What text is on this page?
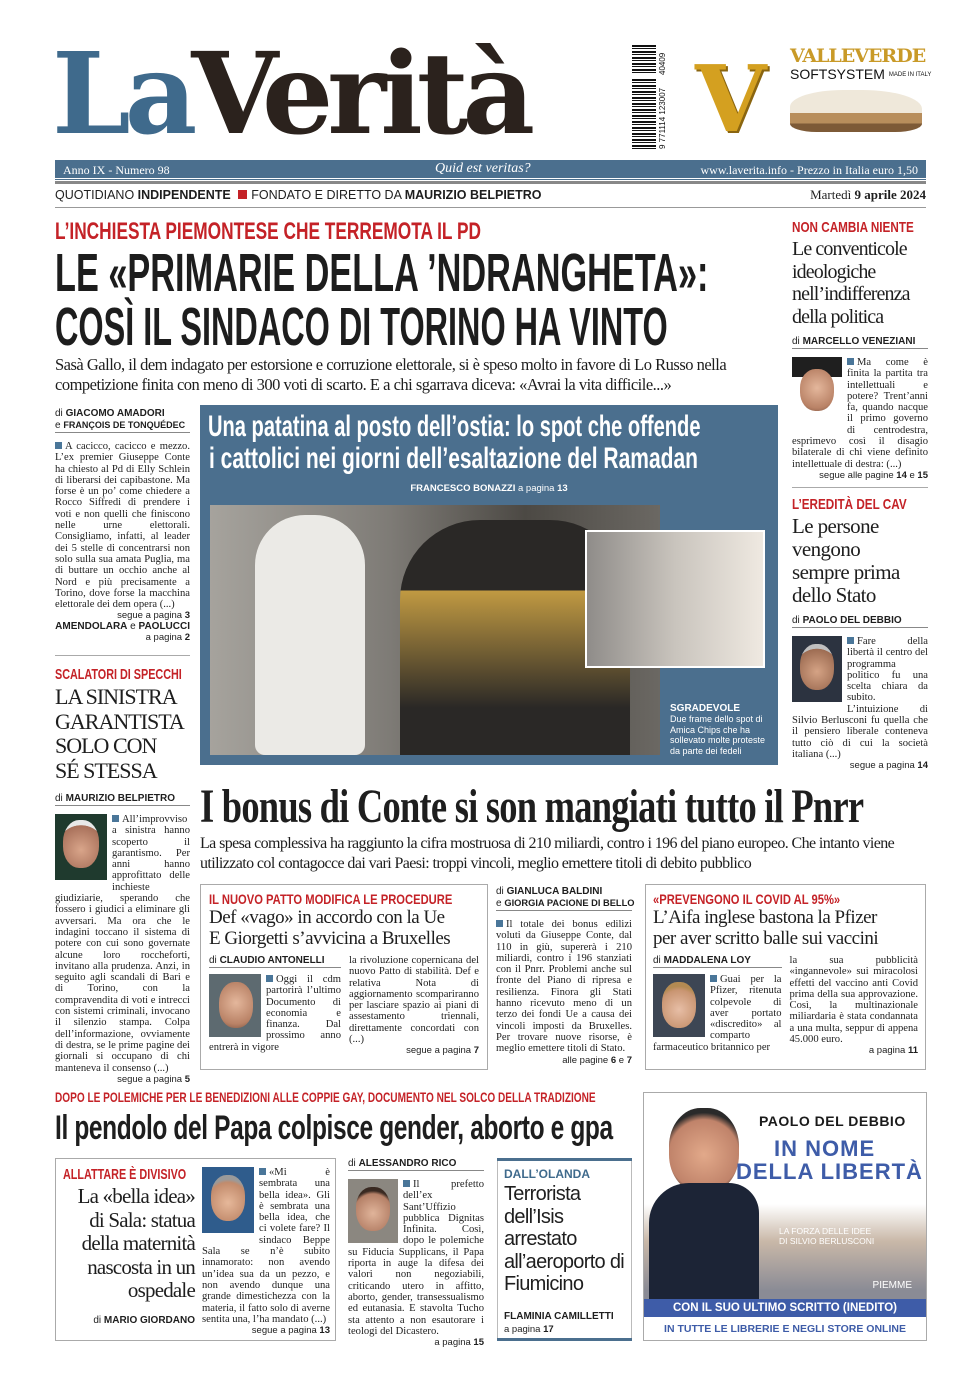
LaVerità	40409
9 771114 123007 V VALLEVERDE
SOFTSYSTEM MADE IN ITALY
Anno IX - Numero 98	Quid est veritas?	www.laverita.info - Prezzo in Italia euro 1,50
QUOTIDIANO INDIPENDENTE FONDATO E DIRETTO DA MAURIZIO BELPIETRO	Martedì 9 aprile 2024
L’INCHIESTA PIEMONTESE CHE TERREMOTA IL PD
LE «PRIMARIE DELLA ’NDRANGHETA»:
COSÌ IL SINDACO DI TORINO HA VINTO
Sasà Gallo, il dem indagato per estorsione e corruzione elettorale, si è speso molto in favore di Lo Russo nella competizione finita con meno di 300 voti di scarto. E a chi sgarrava diceva: «Avrai la vita difficile...»
di GIACOMO AMADORI
e FRANÇOIS DE TONQUÉDEC
A cacicco, cacicco e mezzo. L’ex premier Giuseppe Conte ha chiesto al Pd di Elly Schlein di liberarsi dei capibastone. Ma forse è un po’ come chiedere a Rocco Siffredi di prendere i voti e non quelli che finiscono nelle urne elettorali. Consigliamo, infatti, al leader dei 5 stelle di concentrarsi non solo sulla sua amata Puglia, ma di buttare un occhio anche al Nord e più precisamente a Torino, dove forse la macchina elettorale dei dem opera (...)
segue a pagina 3
AMENDOLARA e PAOLUCCI
a pagina 2
Una patatina al posto dell’ostia: lo spot che offende
i cattolici nei giorni dell’esaltazione del Ramadan
FRANCESCO BONAZZI a pagina 13
SGRADEVOLE
Due frame dello spot di Amica Chips che ha sollevato molte proteste da parte dei fedeli
NON CAMBIA NIENTE
Le conventicole ideologiche nell’indifferenza della politica
di MARCELLO VENEZIANI
Ma come è finita la partita tra intellettuali e potere? Trent’anni fa, quando nacque il primo governo di centrodestra, esprimevo così il disagio bilaterale di chi viene definito intellettuale di destra: (...)
segue alle pagine 14 e 15
L’EREDITÀ DEL CAV
Le persone vengono sempre prima dello Stato
di PAOLO DEL DEBBIO
Fare della libertà il centro del programma politico fu una scelta chiara da subito. L’intuizione di Silvio Berlusconi fu quella che il pensiero liberale conteneva tutto ciò di cui la società italiana (...)
segue a pagina 14
SCALATORI DI SPECCHI
LA SINISTRA GARANTISTA SOLO CON SÉ STESSA
di MAURIZIO BELPIETRO
All’improvviso a sinistra hanno scoperto il garantismo. Per anni hanno approfittato delle inchieste giudiziarie, sperando che fossero i giudici a eliminare gli avversari. Ma ora che le indagini toccano il sistema di potere con cui sono governate alcune loro roccheforti, invitano alla prudenza. Anzi, in seguito agli scandali di Bari e di Torino, con la compravendita di voti e intrecci con sistemi criminali, invocano il silenzio stampa. Colpa dell’informazione, ovviamente di destra, se le prime pagine dei giornali si occupano di chi manteneva il consenso (...)
segue a pagina 5
I bonus di Conte si son mangiati tutto il Pnrr
La spesa complessiva ha raggiunto la cifra mostruosa di 210 miliardi, contro i 196 del piano europeo. Che intanto viene utilizzato col contagocce dai vari Paesi: troppi vincoli, meglio emettere titoli di debito pubblico
IL NUOVO PATTO MODIFICA LE PROCEDURE
Def «vago» in accordo con la Ue
E Giorgetti s’avvicina a Bruxelles
di CLAUDIO ANTONELLI
Oggi il cdm partorirà l’ultimo Documento di economia e finanza. Dal prossimo anno entrerà in vigore
la rivoluzione copernicana del nuovo Patto di stabilità. Def e relativa Nota di aggiornamento scompariranno per lasciare spazio ai piani di assestamento triennali, direttamente concordati con (...)
segue a pagina 7
di GIANLUCA BALDINI
e GIORGIA PACIONE DI BELLO
Il totale dei bonus edilizi voluti da Giuseppe Conte, dal 110 in giù, supererà i 210 miliardi, contro i 196 stanziati con il Pnrr. Problemi anche sul fronte del Piano di ripresa e resilienza. Finora gli Stati hanno ricevuto meno di un terzo dei fondi Ue a causa dei vincoli imposti da Bruxelles. Per trovare nuove risorse, è meglio emettere titoli di Stato.
alle pagine 6 e 7
«PREVENGONO IL COVID AL 95%»
L’Aifa inglese bastona la Pfizer
per aver scritto balle sui vaccini
di MADDALENA LOY
Guai per la Pfizer, ritenuta colpevole di aver portato «discredito» al comparto farmaceutico britannico per
la sua pubblicità «ingannevole» sui miracolosi effetti del vaccino anti Covid prima della sua approvazione. Così, la multinazionale miliardaria è stata condannata a una multa, seppur di appena 45.000 euro.
a pagina 11
DOPO LE POLEMICHE PER LE BENEDIZIONI ALLE COPPIE GAY, DOCUMENTO NEL SOLCO DELLA TRADIZIONE
Il pendolo del Papa colpisce gender, aborto e gpa
ALLATTARE È DIVISIVO
La «bella idea» di Sala: statua della maternità nascosta in un ospedale
di MARIO GIORDANO
«Mi è sembrata una bella idea». Gli è sembrata una bella idea, che ci volete fare? Il sindaco Beppe Sala se n’è subito innamorato: non avendo un’idea sua da un pezzo, e non avendo dunque una grande dimestichezza con la materia, il fatto solo di averne sentita una, l’ha mandato (...)
segue a pagina 13
di ALESSANDRO RICO
Il prefetto dell’ex Sant’Uffizio pubblica Dignitas Infinita. Così, dopo le polemiche su Fiducia Supplicans, il Papa riporta in auge la difesa dei valori non negoziabili, criticando utero in affitto, aborto, gender, transessualismo ed eutanasia. E stavolta Tucho sta attento a non esautorare i teologi del Dicastero.
a pagina 15
DALL’OLANDA
Terrorista dell’Isis arrestato all’aeroporto di Fiumicino
FLAMINIA CAMILLETTI
a pagina 17
PAOLO DEL DEBBIO
IN NOME
DELLA LIBERTÀ
LA FORZA DELLE IDEE
DI SILVIO BERLUSCONI
PIEMME
CON IL SUO ULTIMO SCRITTO (INEDITO)
IN TUTTE LE LIBRERIE E NEGLI STORE ONLINE
